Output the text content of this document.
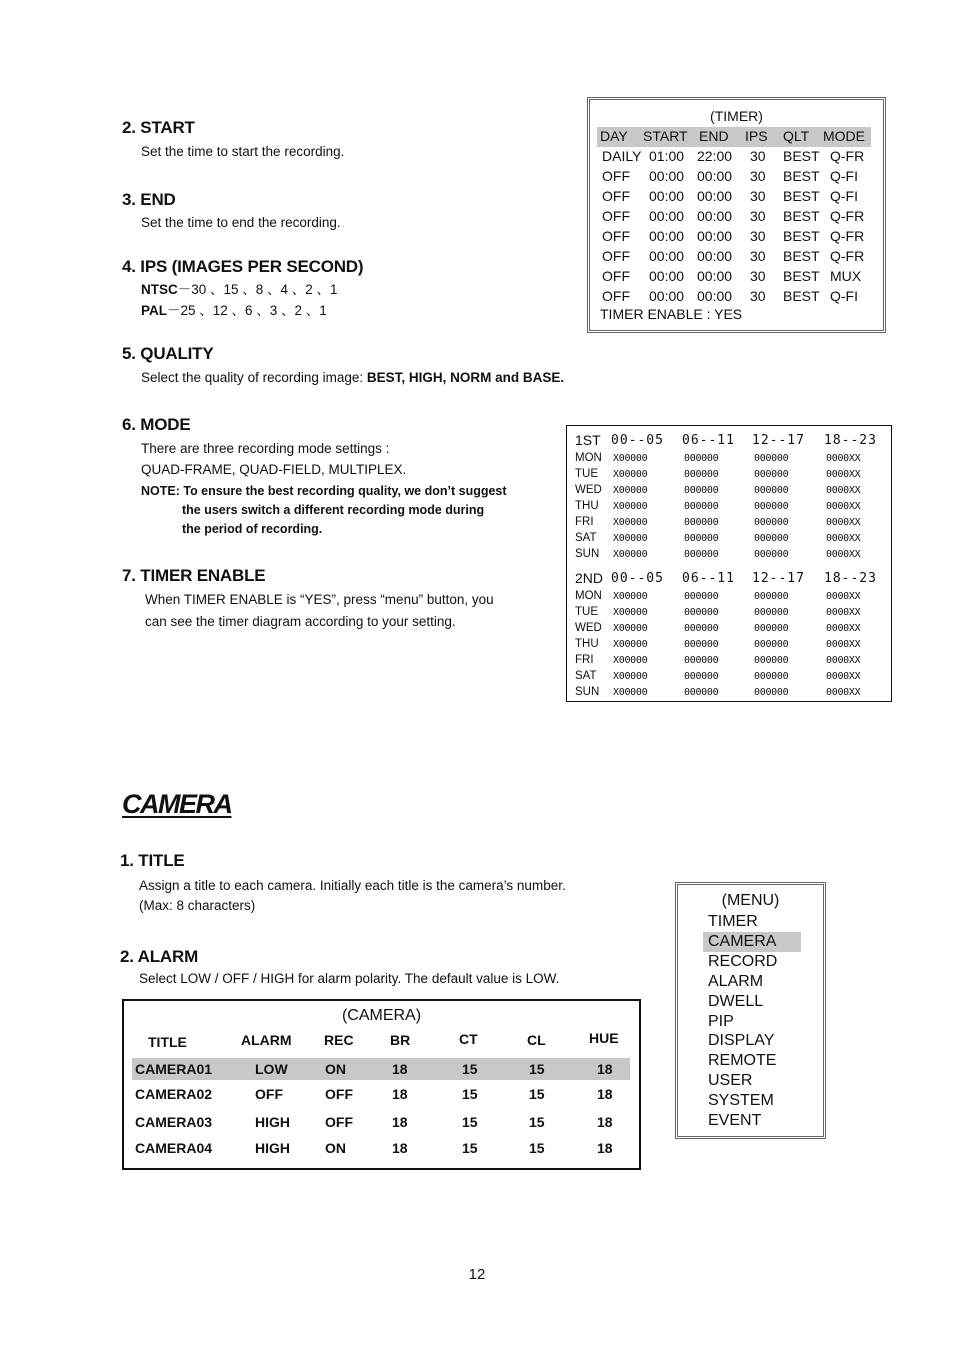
2. START
Set the time to start the recording.
3. END
Set the time to end the recording.
4. IPS (IMAGES PER SECOND)
NTSC－30 、15 、8 、4 、2 、1
PAL－25 、12 、6 、3 、2 、1
5. QUALITY
Select the quality of recording image: BEST, HIGH, NORM and BASE.
6. MODE
There are three recording mode settings :
QUAD-FRAME, QUAD-FIELD, MULTIPLEX.
NOTE: To ensure the best recording quality, we don’t suggest
the users switch a different recording mode during
the period of recording.
7. TIMER ENABLE
When TIMER ENABLE is “YES”, press “menu” button, you
can see the timer diagram according to your setting.
(TIMER)
TIMER ENABLE : YES
DAY START END IPS QLT MODE
DAILY 01:00 22:00 30 BEST Q-FR
OFF 00:00 00:00 30 BEST Q-FI
OFF 00:00 00:00 30 BEST Q-FI
OFF 00:00 00:00 30 BEST Q-FR
OFF 00:00 00:00 30 BEST Q-FR
OFF 00:00 00:00 30 BEST Q-FR
OFF 00:00 00:00 30 BEST MUX
OFF 00:00 00:00 30 BEST Q-FI
1ST 00--05 06--11 12--17 18--23
MON X00000	000000	000000	0000XX
TUE X00000	000000	000000	0000XX
WED X00000	000000	000000	0000XX
THU X00000	000000	000000	0000XX
FRI X00000	000000	000000	0000XX
SAT X00000	000000	000000	0000XX
SUN X00000	000000	000000	0000XX
2ND 00--05 06--11 12--17 18--23
MON X00000	000000	000000	0000XX
TUE X00000	000000	000000	0000XX
WED X00000	000000	000000	0000XX
THU X00000	000000	000000	0000XX
FRI X00000	000000	000000	0000XX
SAT X00000	000000	000000	0000XX
SUN X00000	000000	000000	0000XX
CAMERA
1. TITLE
Assign a title to each camera. Initially each title is the camera’s number.
(Max: 8 characters)
2. ALARM
Select LOW / OFF / HIGH for alarm polarity. The default value is LOW.
(CAMERA)
TITLE	ALARM REC	BR	CT	CL	HUE
CAMERA01	LOW	ON	18	15	15	18
CAMERA02	OFF	OFF	18	15	15	18
CAMERA03	HIGH	OFF	18	15	15	18
CAMERA04	HIGH	ON	18	15	15	18
(MENU)
TIMER
CAMERA
RECORD
ALARM
DWELL
PIP
DISPLAY
REMOTE
USER
SYSTEM
EVENT
12
